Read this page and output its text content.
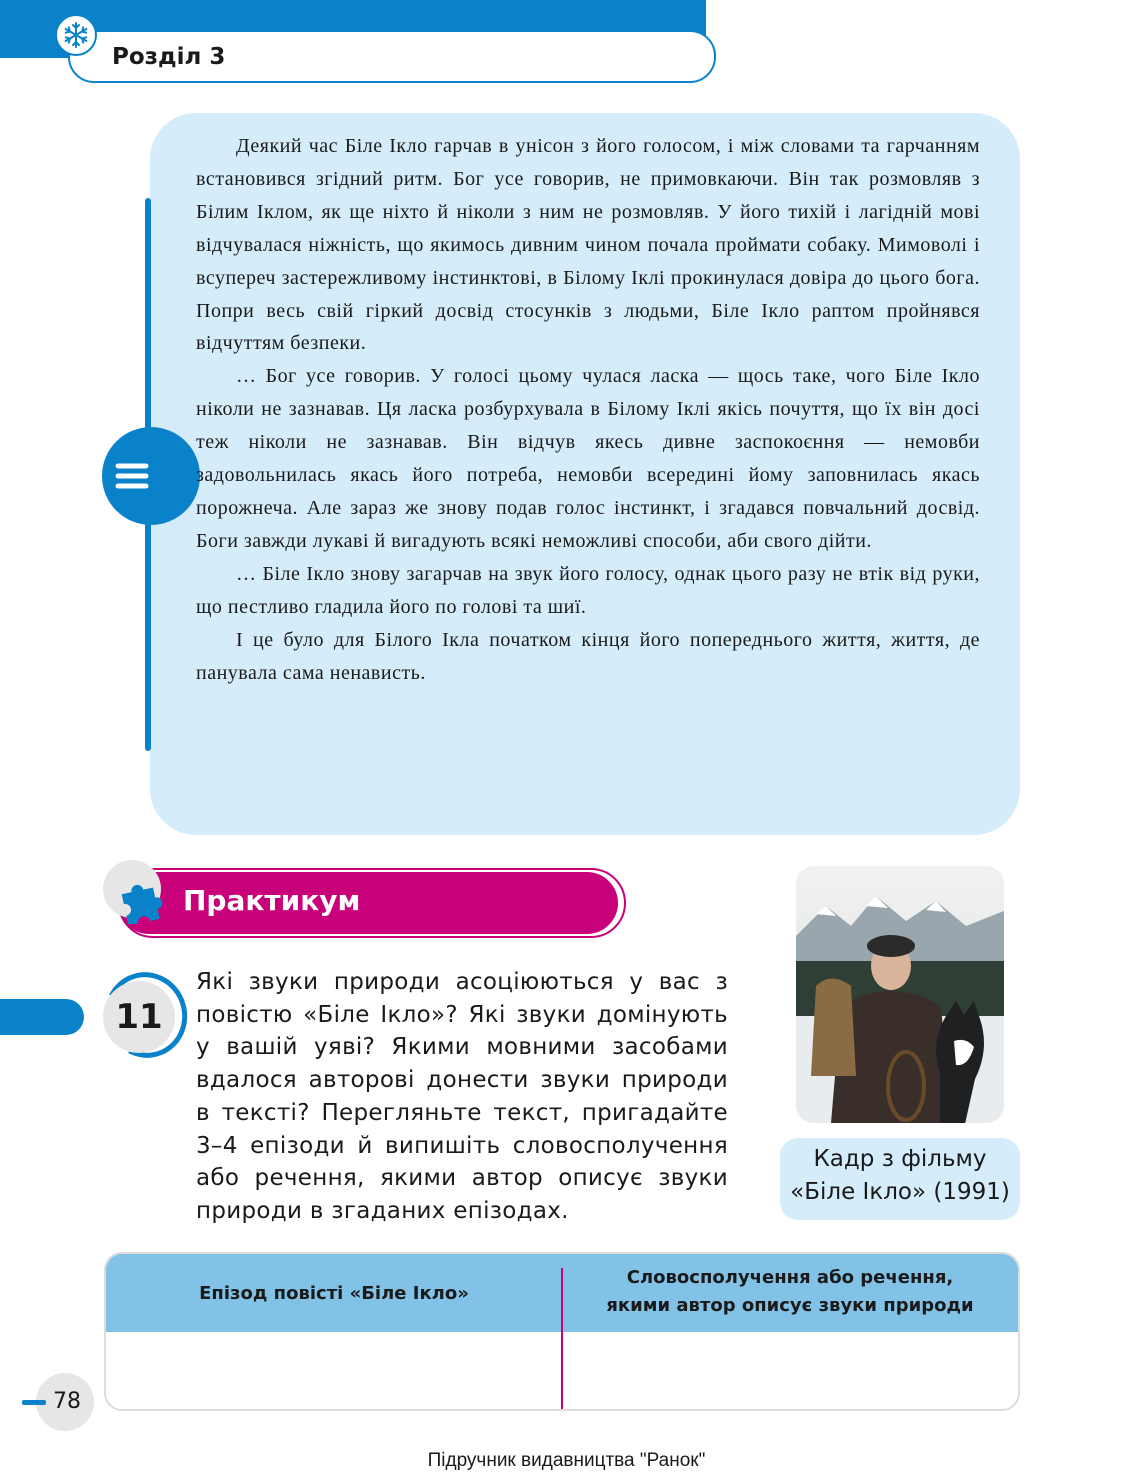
Розділ 3

Деякий час Біле Ікло гарчав в унісон з його голосом, і між словами та гарчанням встановився згідний ритм. Бог усе говорив, не примовкаючи. Він так розмовляв з Білим Іклом, як ще ніхто й ніколи з ним не розмовляв. У його тихій і лагідній мові відчувалася ніжність, що якимось дивним чином почала проймати собаку. Мимоволі і всупереч застережливому інстинктові, в Білому Іклі прокинулася довіра до цього бога. Попри весь свій гіркий досвід стосунків з людьми, Біле Ікло раптом пройнявся відчуттям безпеки.

… Бог усе говорив. У голосі цьому чулася ласка — щось таке, чого Біле Ікло ніколи не зазнавав. Ця ласка розбурхувала в Білому Іклі якісь почуття, що їх він досі теж ніколи не зазнавав. Він відчув якесь дивне заспокоєння — немовби задовольнилась якась його потреба, немовби всередині йому заповнилась якась порожнеча. Але зараз же знову подав голос інстинкт, і згадався повчальний досвід. Боги завжди лукаві й вигадують всякі неможливі способи, аби свого дійти.

… Біле Ікло знову загарчав на звук його голосу, однак цього разу не втік від руки, що пестливо гладила його по голові та шиї.

І це було для Білого Ікла початком кінця його попереднього життя, життя, де панувала сама ненависть.

Практикум
11
Які звуки природи асоціюються у вас з повістю «Біле Ікло»? Які звуки домінують у вашій уяві? Якими мовними засобами вдалося авторові донести звуки природи в тексті? Перегляньте текст, пригадайте 3–4 епізоди й випишіть словосполучення або речення, якими автор описує звуки природи в згаданих епізодах.
Кадр з фільму
«Біле Ікло» (1991)
Епізод повісті «Біле Ікло»
Словосполучення або речення,
якими автор описує звуки природи
78
Підручник видавництва "Ранок"
